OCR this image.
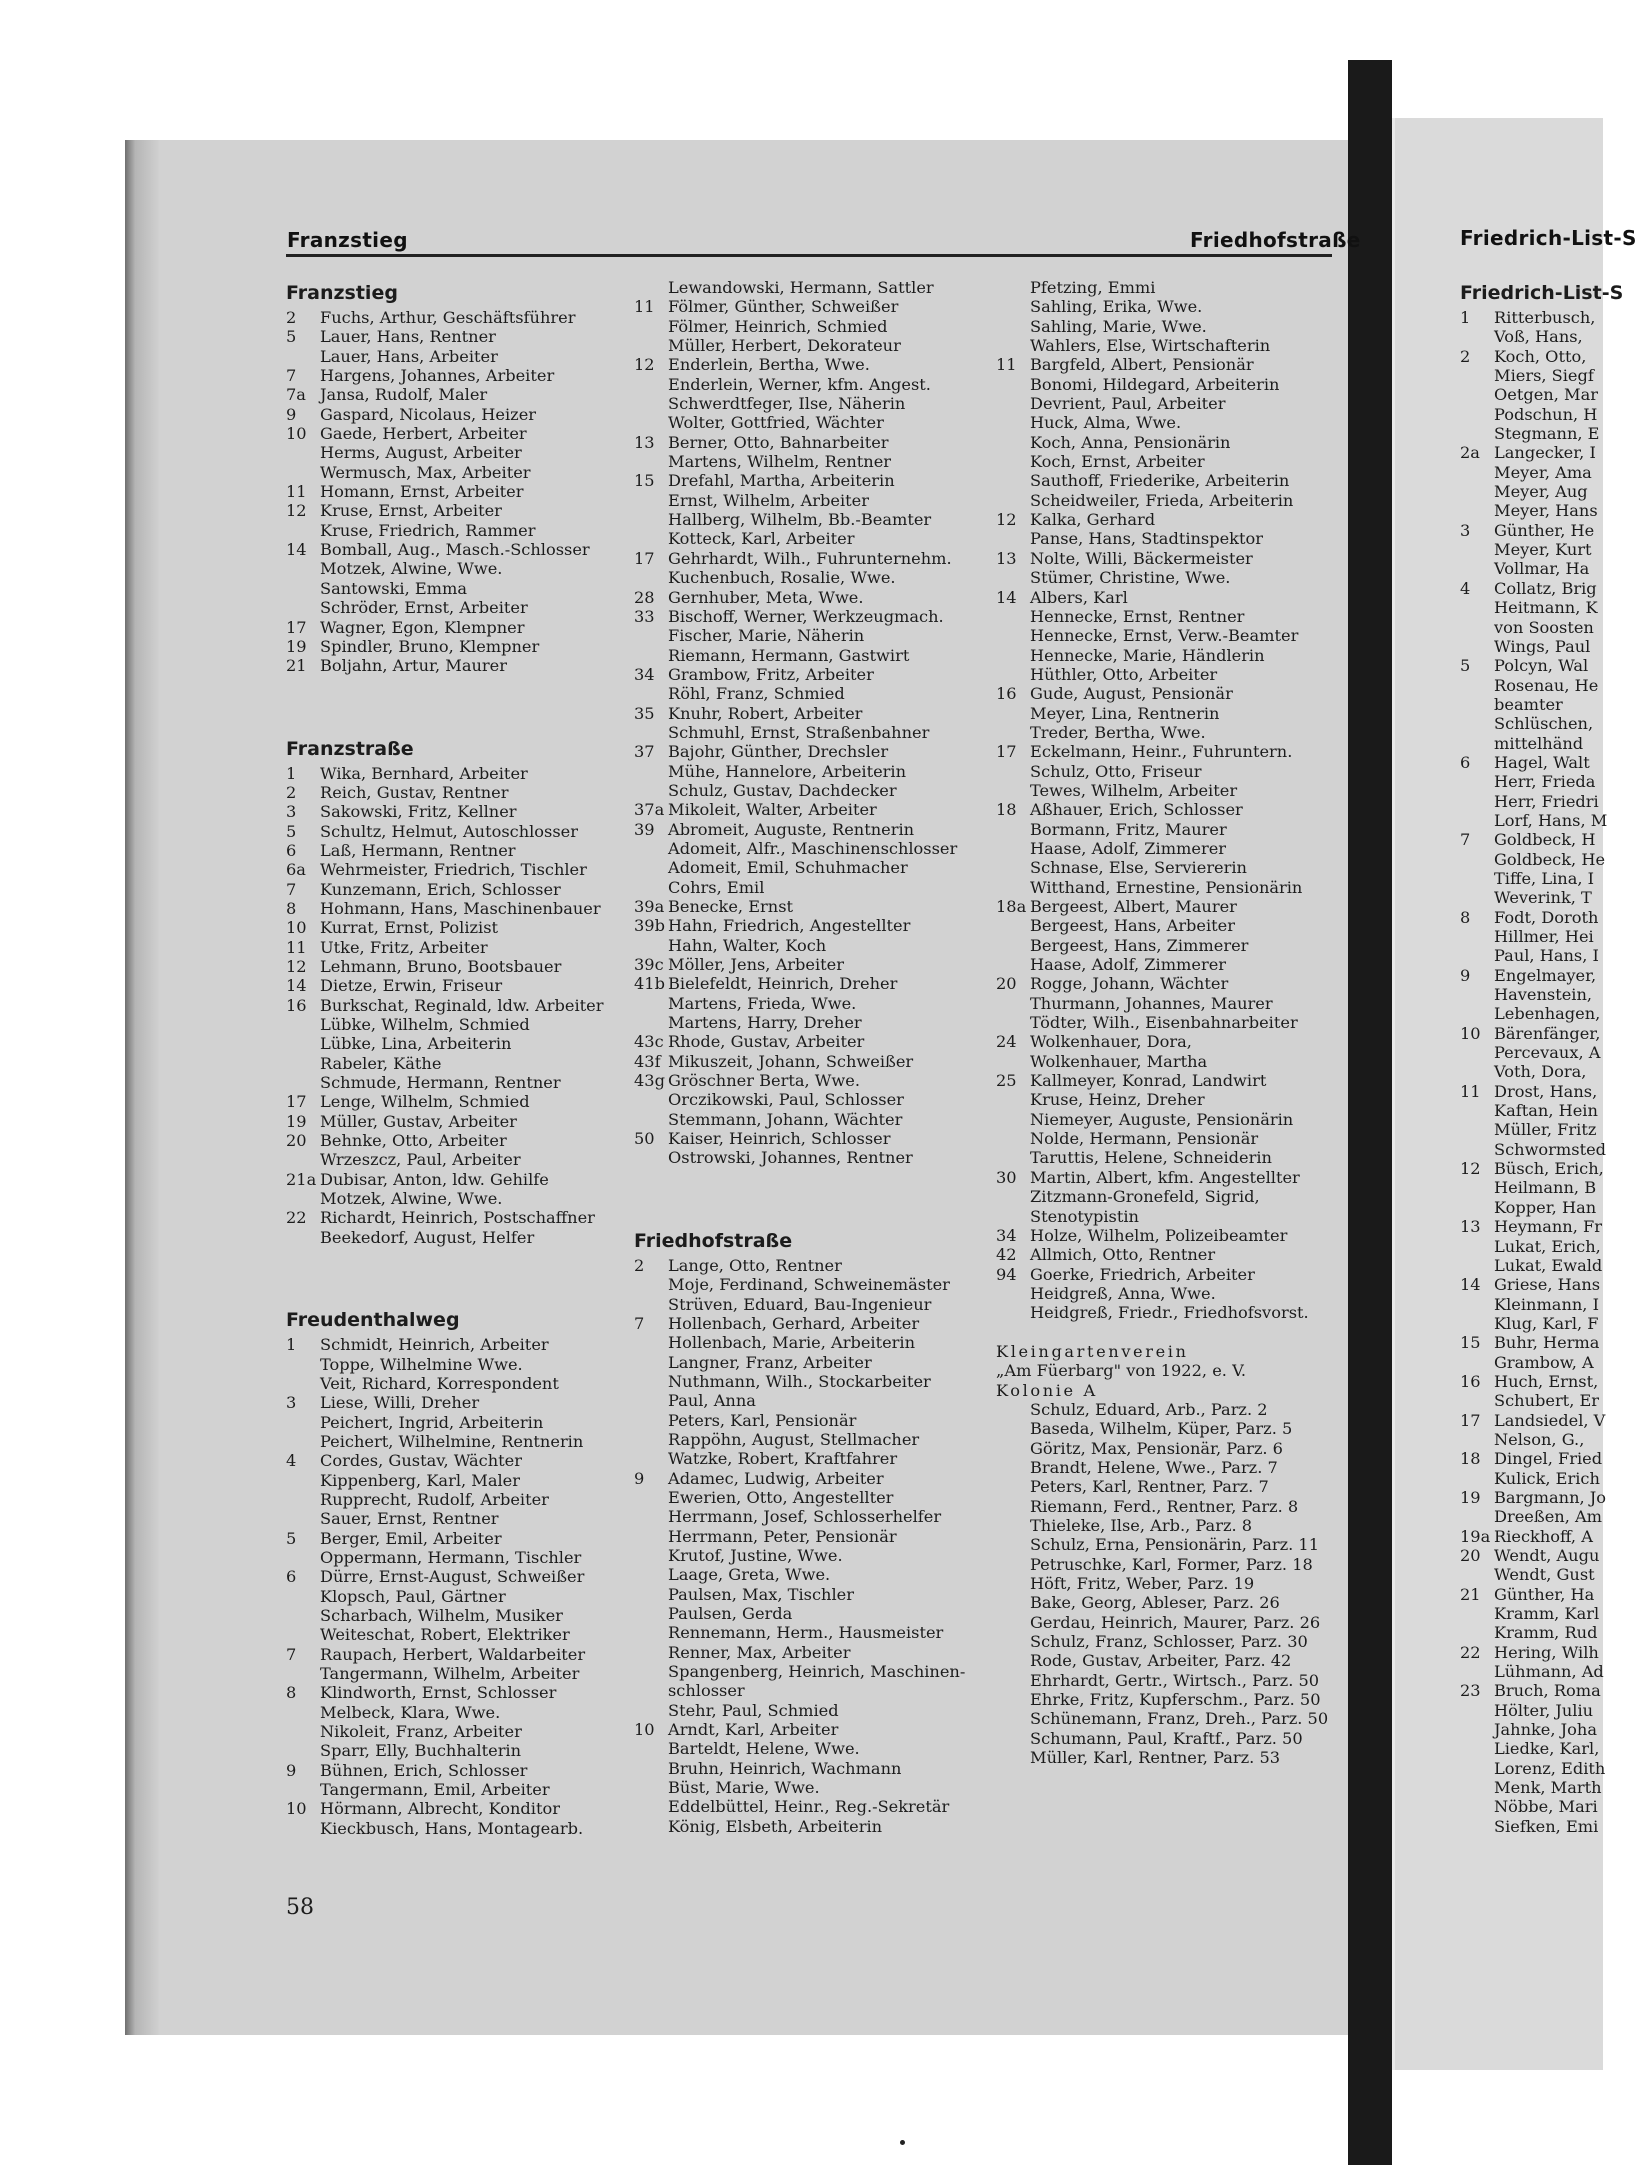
Franzstieg	Friedhofstraße	Friedrich-List-S
Franzstieg
2	Fuchs, Arthur, Geschäftsführer
5	Lauer, Hans, Rentner
Lauer, Hans, Arbeiter
7	Hargens, Johannes, Arbeiter
7a Jansa, Rudolf, Maler
9	Gaspard, Nicolaus, Heizer
10 Gaede, Herbert, Arbeiter
Herms, August, Arbeiter
Wermusch, Max, Arbeiter
11 Homann, Ernst, Arbeiter
12 Kruse, Ernst, Arbeiter
Kruse, Friedrich, Rammer
14 Bomball, Aug., Masch.-Schlosser
Motzek, Alwine, Wwe.
Santowski, Emma
Schröder, Ernst, Arbeiter
17 Wagner, Egon, Klempner
19 Spindler, Bruno, Klempner
21 Boljahn, Artur, Maurer
Franzstraße
1	Wika, Bernhard, Arbeiter
2	Reich, Gustav, Rentner
3	Sakowski, Fritz, Kellner
5	Schultz, Helmut, Autoschlosser
6	Laß, Hermann, Rentner
6a Wehrmeister, Friedrich, Tischler
7	Kunzemann, Erich, Schlosser
8	Hohmann, Hans, Maschinenbauer
10 Kurrat, Ernst, Polizist
11 Utke, Fritz, Arbeiter
12 Lehmann, Bruno, Bootsbauer
14 Dietze, Erwin, Friseur
16 Burkschat, Reginald, ldw. Arbeiter
Lübke, Wilhelm, Schmied
Lübke, Lina, Arbeiterin
Rabeler, Käthe
Schmude, Hermann, Rentner
17 Lenge, Wilhelm, Schmied
19 Müller, Gustav, Arbeiter
20 Behnke, Otto, Arbeiter
Wrzeszcz, Paul, Arbeiter
21a Dubisar, Anton, ldw. Gehilfe
Motzek, Alwine, Wwe.
22 Richardt, Heinrich, Postschaffner
Beekedorf, August, Helfer
Freudenthalweg
1	Schmidt, Heinrich, Arbeiter
Toppe, Wilhelmine Wwe.
Veit, Richard, Korrespondent
3	Liese, Willi, Dreher
Peichert, Ingrid, Arbeiterin
Peichert, Wilhelmine, Rentnerin
4	Cordes, Gustav, Wächter
Kippenberg, Karl, Maler
Rupprecht, Rudolf, Arbeiter
Sauer, Ernst, Rentner
5	Berger, Emil, Arbeiter
Oppermann, Hermann, Tischler
6	Dürre, Ernst-August, Schweißer
Klopsch, Paul, Gärtner
Scharbach, Wilhelm, Musiker
Weiteschat, Robert, Elektriker
7	Raupach, Herbert, Waldarbeiter
Tangermann, Wilhelm, Arbeiter
8	Klindworth, Ernst, Schlosser
Melbeck, Klara, Wwe.
Nikoleit, Franz, Arbeiter
Sparr, Elly, Buchhalterin
9	Bühnen, Erich, Schlosser
Tangermann, Emil, Arbeiter
10 Hörmann, Albrecht, Konditor
Kieckbusch, Hans, Montagearb.
Lewandowski, Hermann, Sattler
11 Fölmer, Günther, Schweißer
Fölmer, Heinrich, Schmied
Müller, Herbert, Dekorateur
12 Enderlein, Bertha, Wwe.
Enderlein, Werner, kfm. Angest.
Schwerdtfeger, Ilse, Näherin
Wolter, Gottfried, Wächter
13 Berner, Otto, Bahnarbeiter
Martens, Wilhelm, Rentner
15 Drefahl, Martha, Arbeiterin
Ernst, Wilhelm, Arbeiter
Hallberg, Wilhelm, Bb.-Beamter
Kotteck, Karl, Arbeiter
17 Gehrhardt, Wilh., Fuhrunternehm.
Kuchenbuch, Rosalie, Wwe.
28 Gernhuber, Meta, Wwe.
33 Bischoff, Werner, Werkzeugmach.
Fischer, Marie, Näherin
Riemann, Hermann, Gastwirt
34 Grambow, Fritz, Arbeiter
Röhl, Franz, Schmied
35 Knuhr, Robert, Arbeiter
Schmuhl, Ernst, Straßenbahner
37 Bajohr, Günther, Drechsler
Mühe, Hannelore, Arbeiterin
Schulz, Gustav, Dachdecker
37a Mikoleit, Walter, Arbeiter
39 Abromeit, Auguste, Rentnerin
Adomeit, Alfr., Maschinenschlosser
Adomeit, Emil, Schuhmacher
Cohrs, Emil
39a Benecke, Ernst
39b Hahn, Friedrich, Angestellter
Hahn, Walter, Koch
39c Möller, Jens, Arbeiter
41b Bielefeldt, Heinrich, Dreher
Martens, Frieda, Wwe.
Martens, Harry, Dreher
43c Rhode, Gustav, Arbeiter
43f Mikuszeit, Johann, Schweißer
43g Gröschner Berta, Wwe.
Orczikowski, Paul, Schlosser
Stemmann, Johann, Wächter
50 Kaiser, Heinrich, Schlosser
Ostrowski, Johannes, Rentner
Friedhofstraße
2	Lange, Otto, Rentner
Moje, Ferdinand, Schweinemäster
Strüven, Eduard, Bau-Ingenieur
7	Hollenbach, Gerhard, Arbeiter
Hollenbach, Marie, Arbeiterin
Langner, Franz, Arbeiter
Nuthmann, Wilh., Stockarbeiter
Paul, Anna
Peters, Karl, Pensionär
Rappöhn, August, Stellmacher
Watzke, Robert, Kraftfahrer
9	Adamec, Ludwig, Arbeiter
Ewerien, Otto, Angestellter
Herrmann, Josef, Schlosserhelfer
Herrmann, Peter, Pensionär
Krutof, Justine, Wwe.
Laage, Greta, Wwe.
Paulsen, Max, Tischler
Paulsen, Gerda
Rennemann, Herm., Hausmeister
Renner, Max, Arbeiter
Spangenberg, Heinrich, Maschinen-
schlosser
Stehr, Paul, Schmied
10 Arndt, Karl, Arbeiter
Barteldt, Helene, Wwe.
Bruhn, Heinrich, Wachmann
Büst, Marie, Wwe.
Eddelbüttel, Heinr., Reg.-Sekretär
König, Elsbeth, Arbeiterin
Pfetzing, Emmi
Sahling, Erika, Wwe.
Sahling, Marie, Wwe.
Wahlers, Else, Wirtschafterin
11 Bargfeld, Albert, Pensionär
Bonomi, Hildegard, Arbeiterin
Devrient, Paul, Arbeiter
Huck, Alma, Wwe.
Koch, Anna, Pensionärin
Koch, Ernst, Arbeiter
Sauthoff, Friederike, Arbeiterin
Scheidweiler, Frieda, Arbeiterin
12 Kalka, Gerhard
Panse, Hans, Stadtinspektor
13 Nolte, Willi, Bäckermeister
Stümer, Christine, Wwe.
14 Albers, Karl
Hennecke, Ernst, Rentner
Hennecke, Ernst, Verw.-Beamter
Hennecke, Marie, Händlerin
Hüthler, Otto, Arbeiter
16 Gude, August, Pensionär
Meyer, Lina, Rentnerin
Treder, Bertha, Wwe.
17 Eckelmann, Heinr., Fuhruntern.
Schulz, Otto, Friseur
Tewes, Wilhelm, Arbeiter
18 Aßhauer, Erich, Schlosser
Bormann, Fritz, Maurer
Haase, Adolf, Zimmerer
Schnase, Else, Serviererin
Witthand, Ernestine, Pensionärin
18a Bergeest, Albert, Maurer
Bergeest, Hans, Arbeiter
Bergeest, Hans, Zimmerer
Haase, Adolf, Zimmerer
20 Rogge, Johann, Wächter
Thurmann, Johannes, Maurer
Tödter, Wilh., Eisenbahnarbeiter
24 Wolkenhauer, Dora,
Wolkenhauer, Martha
25 Kallmeyer, Konrad, Landwirt
Kruse, Heinz, Dreher
Niemeyer, Auguste, Pensionärin
Nolde, Hermann, Pensionär
Taruttis, Helene, Schneiderin
30 Martin, Albert, kfm. Angestellter
Zitzmann-Gronefeld, Sigrid,
Stenotypistin
34 Holze, Wilhelm, Polizeibeamter
42 Allmich, Otto, Rentner
94 Goerke, Friedrich, Arbeiter
Heidgreß, Anna, Wwe.
Heidgreß, Friedr., Friedhofsvorst.
Kleingartenverein
„Am Füerbarg" von 1922, e. V.
Kolonie A
Schulz, Eduard, Arb., Parz. 2
Baseda, Wilhelm, Küper, Parz. 5
Göritz, Max, Pensionär, Parz. 6
Brandt, Helene, Wwe., Parz. 7
Peters, Karl, Rentner, Parz. 7
Riemann, Ferd., Rentner, Parz. 8
Thieleke, Ilse, Arb., Parz. 8
Schulz, Erna, Pensionärin, Parz. 11
Petruschke, Karl, Former, Parz. 18
Höft, Fritz, Weber, Parz. 19
Bake, Georg, Ableser, Parz. 26
Gerdau, Heinrich, Maurer, Parz. 26
Schulz, Franz, Schlosser, Parz. 30
Rode, Gustav, Arbeiter, Parz. 42
Ehrhardt, Gertr., Wirtsch., Parz. 50
Ehrke, Fritz, Kupferschm., Parz. 50
Schünemann, Franz, Dreh., Parz. 50
Schumann, Paul, Kraftf., Parz. 50
Müller, Karl, Rentner, Parz. 53
Friedrich-List-S
1	Ritterbusch,
Voß, Hans,
2	Koch, Otto,
Miers, Siegf
Oetgen, Mar
Podschun, H
Stegmann, E
2a Langecker, I
Meyer, Ama
Meyer, Aug
Meyer, Hans
3	Günther, He
Meyer, Kurt
Vollmar, Ha
4	Collatz, Brig
Heitmann, K
von Soosten
Wings, Paul
5	Polcyn, Wal
Rosenau, He
beamter
Schlüschen,
mittelhänd
6	Hagel, Walt
Herr, Frieda
Herr, Friedri
Lorf, Hans, M
7	Goldbeck, H
Goldbeck, He
Tiffe, Lina, I
Weverink, T
8	Fodt, Doroth
Hillmer, Hei
Paul, Hans, I
9	Engelmayer,
Havenstein,
Lebenhagen,
10 Bärenfänger,
Percevaux, A
Voth, Dora,
11 Drost, Hans,
Kaftan, Hein
Müller, Fritz
Schwormsted
12 Büsch, Erich,
Heilmann, B
Kopper, Han
13 Heymann, Fr
Lukat, Erich,
Lukat, Ewald
14 Griese, Hans
Kleinmann, I
Klug, Karl, F
15 Buhr, Herma
Grambow, A
16 Huch, Ernst,
Schubert, Er
17 Landsiedel, V
Nelson, G.,
18 Dingel, Fried
Kulick, Erich
19 Bargmann, Jo
Dreeßen, Am
19a Rieckhoff, A
20 Wendt, Augu
Wendt, Gust
21 Günther, Ha
Kramm, Karl
Kramm, Rud
22 Hering, Wilh
Lühmann, Ad
23 Bruch, Roma
Hölter, Juliu
Jahnke, Joha
Liedke, Karl,
Lorenz, Edith
Menk, Marth
Nöbbe, Mari
Siefken, Emi
58
